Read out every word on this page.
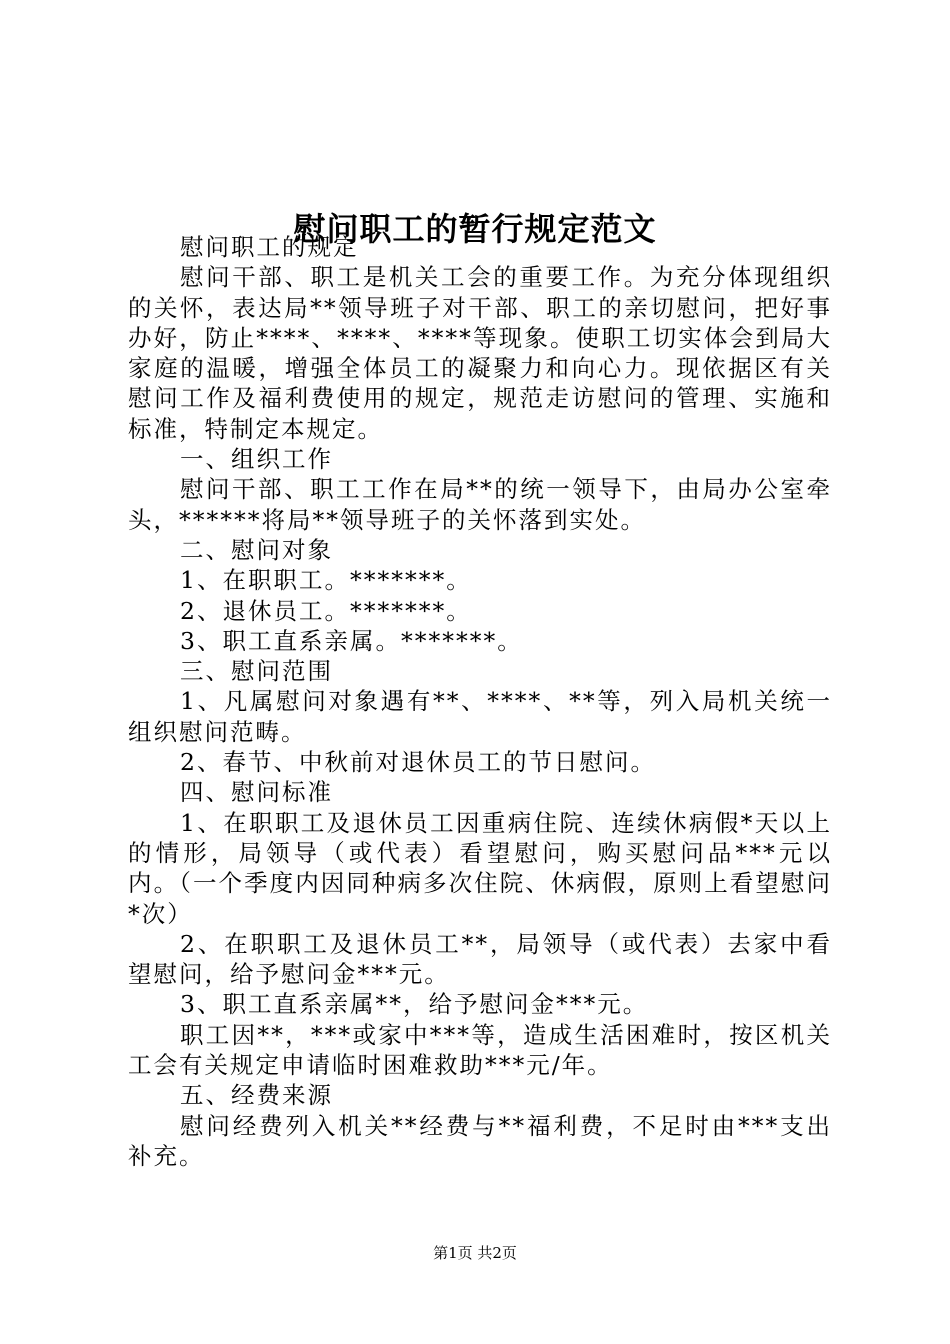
慰问职工的暂行规定范文

慰问职工的规定

慰问干部、职工是机关工会的重要工作。为充分体现组织的关怀，表达局**领导班子对干部、职工的亲切慰问，把好事办好，防止****、****、****等现象。使职工切实体会到局大家庭的温暖，增强全体员工的凝聚力和向心力。现依据区有关慰问工作及福利费使用的规定，规范走访慰问的管理、实施和标准，特制定本规定。

一、组织工作

慰问干部、职工工作在局**的统一领导下，由局办公室牵头，******将局**领导班子的关怀落到实处。

二、慰问对象

1、在职职工。*******。

2、退休员工。*******。

3、职工直系亲属。*******。

三、慰问范围

1、凡属慰问对象遇有**、****、**等，列入局机关统一组织慰问范畴。

2、春节、中秋前对退休员工的节日慰问。

四、慰问标准

1、在职职工及退休员工因重病住院、连续休病假*天以上的情形，局领导（或代表）看望慰问，购买慰问品***元以内。（一个季度内因同种病多次住院、休病假，原则上看望慰问*次）

2、在职职工及退休员工**，局领导（或代表）去家中看望慰问，给予慰问金***元。

3、职工直系亲属**，给予慰问金***元。

职工因**，***或家中***等，造成生活困难时，按区机关工会有关规定申请临时困难救助***元/年。

五、经费来源

慰问经费列入机关**经费与**福利费，不足时由***支出补充。

第1页 共2页
